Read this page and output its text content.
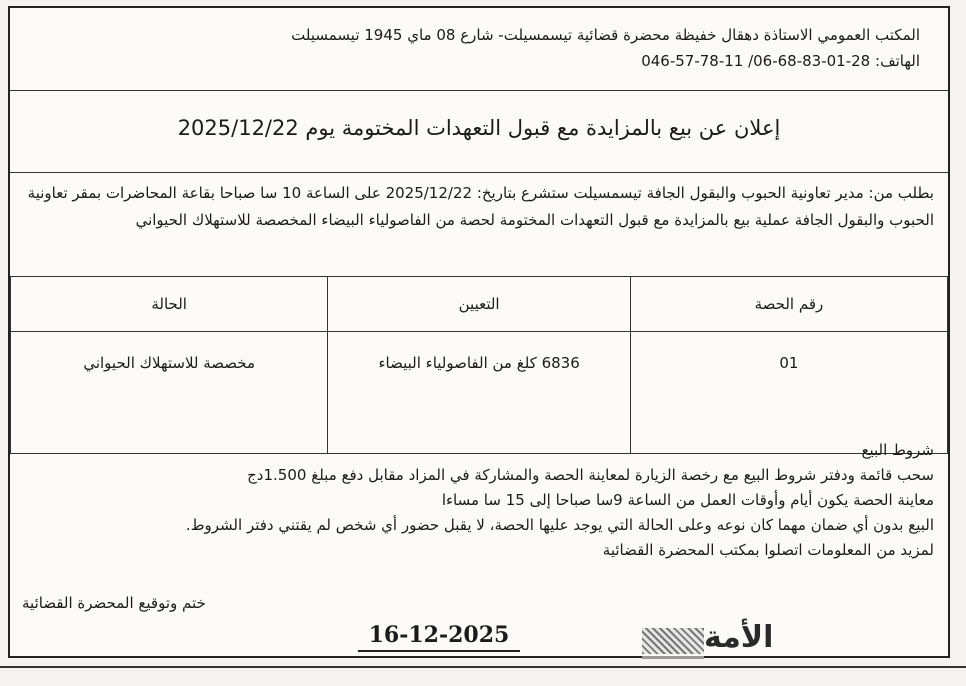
المكتب العمومي الاستاذة دهقال خفيظة محضرة قضائية تيسمسيلت- شارع 08 ماي 1945 تيسمسيلت
الهاتف: 046-57-78-11 /06-68-83-01-28
إعلان عن بيع بالمزايدة مع قبول التعهدات المختومة يوم 2025/12/22
بطلب من: مدير تعاونية الحبوب والبقول الجافة تيسمسيلت ستشرع بتاريخ: 2025/12/22 على الساعة 10 سا صباحا بقاعة المحاضرات بمقر تعاونية الحبوب والبقول الجافة عملية بيع بالمزايدة مع قبول التعهدات المختومة لحصة من الفاصولياء البيضاء المخصصة للاستهلاك الحيواني
رقم الحصة	التعيين	الحالة
01	6836 كلغ من الفاصولياء البيضاء	مخصصة للاستهلاك الحيواني
شروط البيع
سحب قائمة ودفتر شروط البيع مع رخصة الزيارة لمعاينة الحصة والمشاركة في المزاد مقابل دفع مبلغ 1.500دج
معاينة الحصة يكون أيام وأوقات العمل من الساعة 9سا صباحا إلى 15 سا مساءا
البيع بدون أي ضمان مهما كان نوعه وعلى الحالة التي يوجد عليها الحصة، لا يقبل حضور أي شخص لم يقتني دفتر الشروط.
لمزيد من المعلومات اتصلوا بمكتب المحضرة القضائية
ختم وتوقيع المحضرة القضائية
16-12-2025	الأمة
